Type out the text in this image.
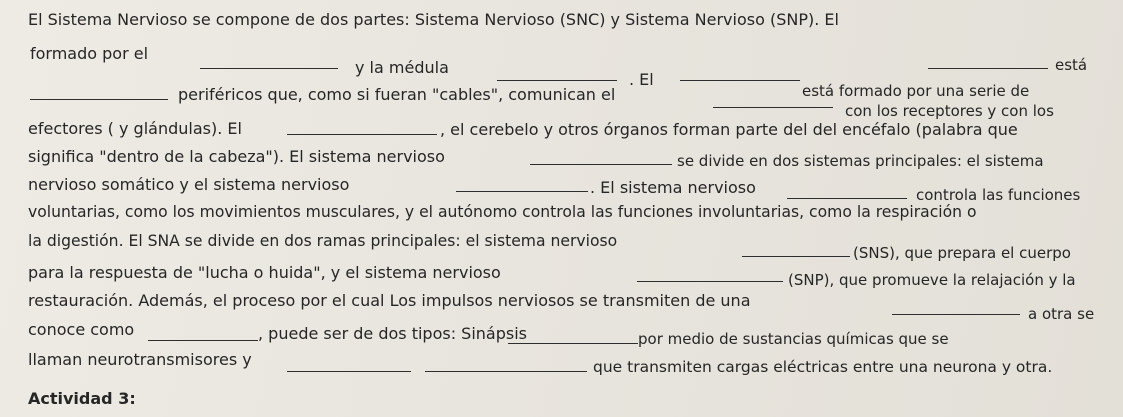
El Sistema Nervioso se compone de dos partes: Sistema Nervioso (SNC) y Sistema Nervioso (SNP). El
formado por el
y la médula
. El
está
periféricos que, como si fueran "cables", comunican el
con los receptores y con los
está formado por una serie de
efectores ( y glándulas). El	, el cerebelo y otros órganos forman parte del del encéfalo (palabra que
significa "dentro de la cabeza"). El sistema nervioso	se divide en dos sistemas principales: el sistema
nervioso somático y el sistema nervioso	. El sistema nervioso	controla las funciones
voluntarias, como los movimientos musculares, y el autónomo controla las funciones involuntarias, como la respiración o
la digestión. El SNA se divide en dos ramas principales: el sistema nervioso
(SNS), que prepara el cuerpo
para la respuesta de "lucha o huida", y el sistema nervioso	(SNP), que promueve la relajación y la
restauración. Además, el proceso por el cual Los impulsos nerviosos se transmiten de una
a otra se
conoce como	, puede ser de dos tipos: Sinápsis	por medio de sustancias químicas que se
llaman neurotransmisores y	que transmiten cargas eléctricas entre una neurona y otra.
Actividad 3:
